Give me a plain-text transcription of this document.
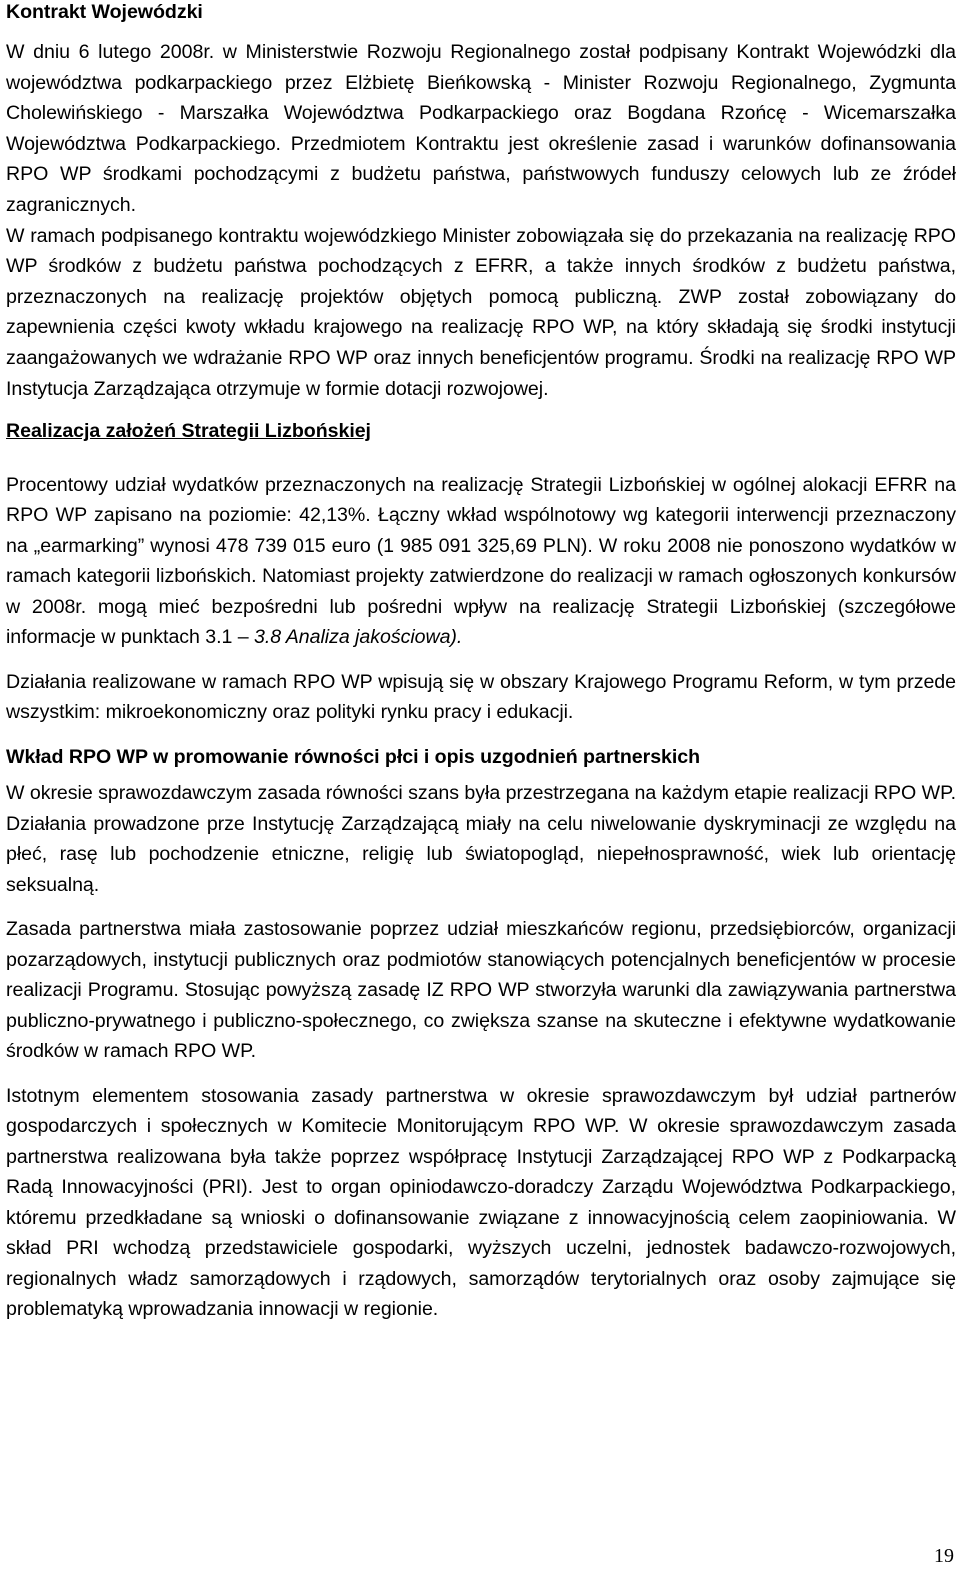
Kontrakt Wojewódzki

W dniu 6 lutego 2008r. w Ministerstwie Rozwoju Regionalnego został podpisany Kontrakt Wojewódzki dla województwa podkarpackiego przez Elżbietę Bieńkowską - Minister Rozwoju Regionalnego, Zygmunta Cholewińskiego - Marszałka Województwa Podkarpackiego oraz Bogdana Rzońcę - Wicemarszałka Województwa Podkarpackiego. Przedmiotem Kontraktu jest określenie zasad i warunków dofinansowania RPO WP środkami pochodzącymi z budżetu państwa, państwowych funduszy celowych lub ze źródeł zagranicznych.

W ramach podpisanego kontraktu wojewódzkiego Minister zobowiązała się do przekazania na realizację RPO WP środków z budżetu państwa pochodzących z EFRR, a także innych środków z budżetu państwa, przeznaczonych na realizację projektów objętych pomocą publiczną. ZWP został zobowiązany do zapewnienia części kwoty wkładu krajowego na realizację RPO WP, na który składają się środki instytucji zaangażowanych we wdrażanie RPO WP oraz innych beneficjentów programu. Środki na realizację RPO WP Instytucja Zarządzająca otrzymuje w formie dotacji rozwojowej.

Realizacja założeń Strategii Lizbońskiej

Procentowy udział wydatków przeznaczonych na realizację Strategii Lizbońskiej w ogólnej alokacji EFRR na RPO WP zapisano na poziomie: 42,13%. Łączny wkład wspólnotowy wg kategorii interwencji przeznaczony na „earmarking” wynosi 478 739 015 euro (1 985 091 325,69 PLN). W roku 2008 nie ponoszono wydatków w ramach kategorii lizbońskich. Natomiast projekty zatwierdzone do realizacji w ramach ogłoszonych konkursów w 2008r. mogą mieć bezpośredni lub pośredni wpływ na realizację Strategii Lizbońskiej (szczegółowe informacje w punktach 3.1 – 3.8 Analiza jakościowa).

Działania realizowane w ramach RPO WP wpisują się w obszary Krajowego Programu Reform, w tym przede wszystkim: mikroekonomiczny oraz polityki rynku pracy i edukacji.

Wkład RPO WP w promowanie równości płci i opis uzgodnień partnerskich

W okresie sprawozdawczym zasada równości szans była przestrzegana na każdym etapie realizacji RPO WP. Działania prowadzone prze Instytucję Zarządzającą miały na celu niwelowanie dyskryminacji ze względu na płeć, rasę lub pochodzenie etniczne, religię lub światopogląd, niepełnosprawność, wiek lub orientację seksualną.

Zasada partnerstwa miała zastosowanie poprzez udział mieszkańców regionu, przedsiębiorców, organizacji pozarządowych, instytucji publicznych oraz podmiotów stanowiących potencjalnych beneficjentów w procesie realizacji Programu. Stosując powyższą zasadę IZ RPO WP stworzyła warunki dla zawiązywania partnerstwa publiczno-prywatnego i publiczno-społecznego, co zwiększa szanse na skuteczne i efektywne wydatkowanie środków w ramach RPO WP.

Istotnym elementem stosowania zasady partnerstwa w okresie sprawozdawczym był udział partnerów gospodarczych i społecznych w Komitecie Monitorującym RPO WP. W okresie sprawozdawczym zasada partnerstwa realizowana była także poprzez współpracę Instytucji Zarządzającej RPO WP z Podkarpacką Radą Innowacyjności (PRI). Jest to organ opiniodawczo-doradczy Zarządu Województwa Podkarpackiego, któremu przedkładane są wnioski o dofinansowanie związane z innowacyjnością celem zaopiniowania. W skład PRI wchodzą przedstawiciele gospodarki, wyższych uczelni, jednostek badawczo-rozwojowych, regionalnych władz samorządowych i rządowych, samorządów terytorialnych oraz osoby zajmujące się problematyką wprowadzania innowacji w regionie.

19
